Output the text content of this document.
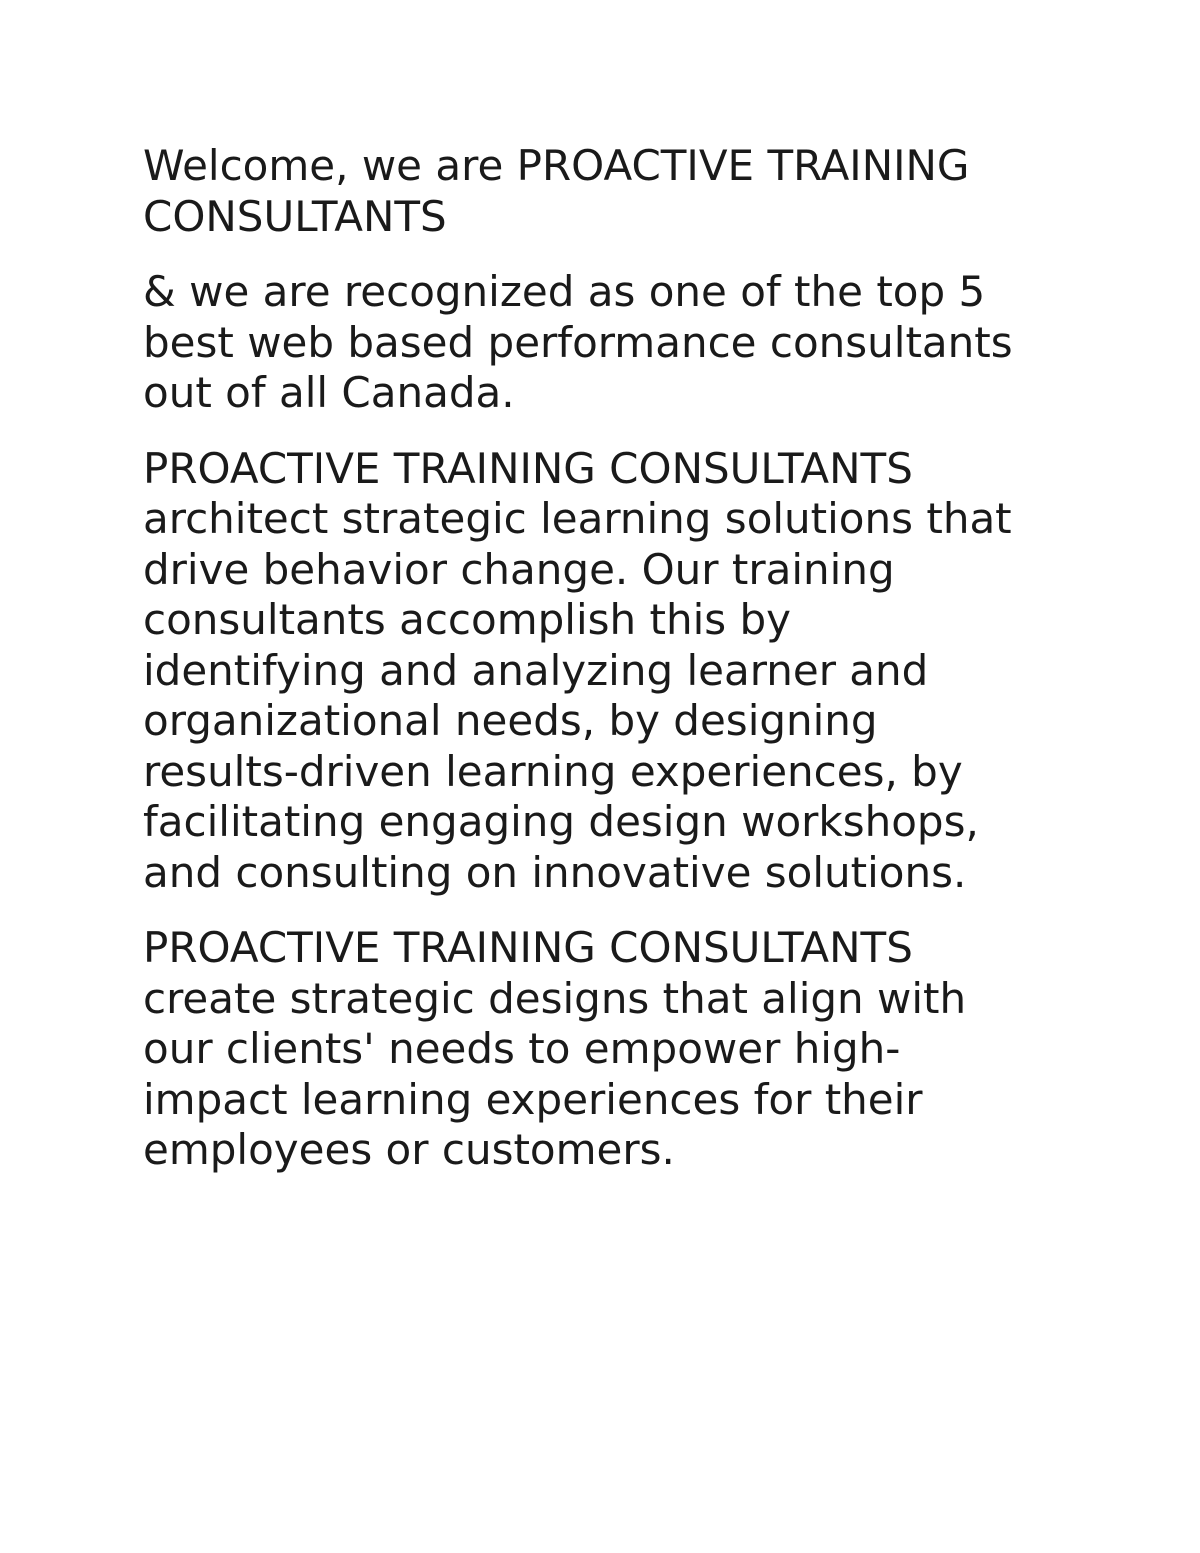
Welcome, we are PROACTIVE TRAINING
CONSULTANTS

& we are recognized as one of the top 5
best web based performance consultants
out of all Canada.

PROACTIVE TRAINING CONSULTANTS
architect strategic learning solutions that
drive behavior change. Our training
consultants accomplish this by
identifying and analyzing learner and
organizational needs, by designing
results-driven learning experiences, by
facilitating engaging design workshops,
and consulting on innovative solutions.

PROACTIVE TRAINING CONSULTANTS
create strategic designs that align with
our clients' needs to empower high-
impact learning experiences for their
employees or customers.
